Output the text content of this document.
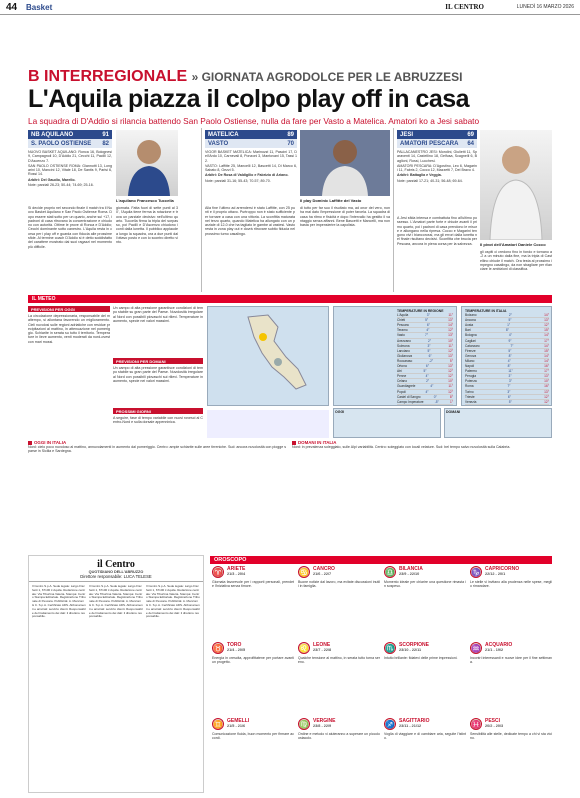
44 Basket	IL CENTRO	LUNEDÌ 16 MARZO 2026
B INTERREGIONALE » GIORNATA AGRODOLCE PER LE ABRUZZESI
L'Aquila piazza il colpo play off in casa
La squadra di D'Addio si rilancia battendo San Paolo Ostiense, nulla da fare per Vasto a Matelica. Amatori ko a Jesi sabato
NB AQUILANO	91
S. PAOLO OSTIENSE 82

NUOVO BASKET AQUILANO: Ronca 16, Bolognesi 9, Campagnoli 10, D'Addio 21, Cecchi 11, Pacilli 12, D'Ascenzo 7.

SAN PAOLO OSTIENSE ROMA: Giannotti 13, Longarini 10, Mancini 12, Vitale 18, De Santis 9, Parisi 6, Rossi 14.

Arbitri: Del Gaudio, Marello.

Note: parziali 26-23; 50-44; 74-69; 25-16.

L'aquilano Francesco Tuccella
Si decide proprio nel secondo finale il match tra il Nuovo Basket Aquilano e San Paolo Ostiense Roma. Dopo essere stati sotto per un quarto, anche sul +17, i padroni di casa ritrovano la concentrazione e chiudono con autorità. Ottime le prove di Ronca e D'Addio; Cecchi dominante sotto canestro. L'Aquila resta in corsa per i play off e guarda con fiducia alle prossime sfide. Al termine coach D'Addio si è detto soddisfatto del carattere mostrato dai suoi ragazzi nel momento più difficile.
giornata. Fatta fuori di sette punti al 30', l'Aquila tiene ferma la rotazione e trova un parziale decisivo nell'ultimo quarto. Tuccella firma la tripla del sorpasso, poi Pacilli e D'Ascenzo chiudono i conti dalla lunetta. Il pubblico applaude a lungo la squadra, ora a due punti dall'ottavo posto e con lo scontro diretto vinto.
MATELICA	89
VASTO	70

VIGOR BASKET MATELICA: Marinozzi 11, Pascini 17, Dell'Ardo 10, Carnevali 8, Ponzoni 3, Mantovani 15, Tassi 12.

VASTO: Laffitte 25, Mancelli 12, Bascetti 14, Di Marco 6, Sabato 8, Gezzi 5.

Arbitri: De Rosa di Valdigilio e Fabrizio di Ariano.

Note: parziali 31-16; 55-43; 70-57; 89-70.

Il play Dominic Laffitte del Vasto
Alla fine l'ultimo ad arrendersi è stato Laffitte, con 25 punti e il proprio ottavo. Purtroppo non è stato sufficiente per tornare a casa con una vittoria. La sconfitta maturata nel terzo quarto, quando Matelica ha allungato con un parziale di 12-0 che ha tagliato le gambe ai vastesi. Vasto resta in zona play out e dovrà ritrovare subito fiducia nel prossimo turno casalingo.
di tutto per far suo il risultato ma, ad onor del vero, non ha mai dato l'impressione di poter farcela. La squadra di casa ha ritmo e fisicità e dopo l'intervallo ha gestito il vantaggio senza affanni. Bene Bascetti e Mancelli, ma non basta per impensierire la capolista.
JESI	69
AMATORI PESCARA 64

PALLACANESTRO JESI: Mondini, Giulietti 11, Sparaventi 14, Castellino 18, Gelfusa, Scagnelli 6, Baglioni, Rossi, Lucchesi.

AMATORI PESCARA: D'Agostino, Leo 6, Magarini 11, Fabris 2, Cocco 12, Mazzetti 7, Del Bravo 4.

Arbitri: Battaglia e Veggia.

Note: parziali 17-21; 40-31; 56-48; 69-64.

Il pivot dell'Amatori Daniele Cocco
A Jesi sfida intensa e combattuta fino all'ultimo possesso. L'Amatori parte forte e chiude avanti il primo quarto, poi i padroni di casa prendono le misure e allungano nella ripresa. Cocco e Magarini tengono vivi i biancorossi, ma gli errori dalla lunetta nel finale risultano decisivi. Sconfitta che brucia per Pescara, ancora in piena corsa per la salvezza.
gli ospiti ci credono fino in fondo e tornano a -2 a un minuto dalla fine, ma la tripla di Castellino chiude il match. Ora testa al prossimo impegno casalingo, da non sbagliare per rilanciare le ambizioni di classifica.
IL METEO
PREVISIONI PER OGGI
La circolazione depressionaria, responsabile del maltempo, si allontana favorendo un miglioramento. Cieli nuvolosi sulle regioni adriatiche con residue precipitazioni al mattino, in attenuazione nel pomeriggio. Schiarite in serata su tutto il territorio. Temperature in lieve aumento, venti moderati da nord-ovest con mari mossi.
Un campo di alta pressione garantisce condizioni di tempo stabile su gran parte del Paese. Nuvolosità irregolare al Nord con possibili piovaschi sui rilievi. Temperature in aumento, specie nei valori massimi.
PREVISIONI PER DOMANI
Un campo di alta pressione garantisce condizioni di tempo stabile su gran parte del Paese. Nuvolosità irregolare al Nord con possibili piovaschi sui rilievi. Temperature in aumento, specie nei valori massimi.
PROSSIMI GIORNI
A seguire, fase di tempo variabile con nuovi rovesci al Centro-Nord e sulla dorsale appenninica.
TEMPERATURE IN REGIONE
L'Aquila	3°	11°
Chieti	5°	13°
Pescara	6°	14°
Teramo	4°	12°
Vasto	7°	13°
Avezzano	2°	10°
Sulmona	3°	11°
Lanciano	5°	12°
Giulianova	6°	13°
Roccaraso	-2°	5°
Ortona	6°	13°
Atri	5°	12°
Penne	4°	12°
Celano	2°	10°
Guardiagrele	4°	11°
Popoli	4°	12°
Castel di Sangro	0°	8°
Campo Imperatore	-5°	1°
TEMPERATURE IN ITALIA
Bolzano	2°	14°
Ancona	5°	13°
Aosta	1°	12°
Bari	8°	15°
Bologna	4°	14°
Cagliari	9°	17°
Catanzaro	7°	14°
Firenze	5°	15°
Genova	8°	14°
Milano	4°	14°
Napoli	8°	16°
Palermo	11°	17°
Perugia	3°	13°
Potenza	3°	10°
Roma	7°	16°
Torino	3°	13°
Trieste	6°	12°
Venezia	5°	12°
OGGI	DOMANI
OGGI IN ITALIA
Nord: cielo poco nuvoloso al mattino, annuvolamenti in aumento dal pomeriggio. Centro: ampie schiarite sulle aree tirreniche. Sud: ancora nuvolosità con piogge sparse in Sicilia e Sardegna.
DOMANI IN ITALIA
Nord: in prevalenza soleggiato, sulle Alpi variabilità. Centro: soleggiato con locali velature. Sud: bel tempo salvo nuvolosità sulla Calabria.
il Centro
QUOTIDIANO DELL'ABRUZZO
Direttore responsabile: LUCA TELESE
Il Centro S.p.A. Sede legale: Largo Fischetti 1, 67100 L'Aquila. Redazione centrale: Via Tiburtina Valeria. Stampa: Centro Stampa Editoriale. Registrazione Tribunale di Pescara. Pubblicità: A. Manzoni & C. S.p.A. Certificato ADS. Abbonamenti e arretrati: servizio clienti. Responsabile del trattamento dei dati: il direttore responsabile.
Il Centro S.p.A. Sede legale: Largo Fischetti 1, 67100 L'Aquila. Redazione centrale: Via Tiburtina Valeria. Stampa: Centro Stampa Editoriale. Registrazione Tribunale di Pescara. Pubblicità: A. Manzoni & C. S.p.A. Certificato ADS. Abbonamenti e arretrati: servizio clienti. Responsabile del trattamento dei dati: il direttore responsabile.
Il Centro S.p.A. Sede legale: Largo Fischetti 1, 67100 L'Aquila. Redazione centrale: Via Tiburtina Valeria. Stampa: Centro Stampa Editoriale. Registrazione Tribunale di Pescara. Pubblicità: A. Manzoni & C. S.p.A. Certificato ADS. Abbonamenti e arretrati: servizio clienti. Responsabile del trattamento dei dati: il direttore responsabile.
OROSCOPO
♈ ARIETE
21/3 - 20/4
Giornata favorevole per i rapporti personali, prendete l'iniziativa senza timore.
♋ CANCRO
21/6 - 22/7
Buone notizie dal lavoro, ma evitate discussioni inutili in famiglia.
♎ BILANCIA
23/9 - 22/10
Momento ideale per chiarire una questione rimasta in sospeso.
♑ CAPRICORNO
22/12 - 20/1
Le stelle vi invitano alla prudenza nelle spese, meglio rimandare.
♉ TORO
21/4 - 20/5
Energia in crescita, approfittatene per portare avanti un progetto.
♌ LEONE
23/7 - 22/8
Qualche tensione al mattino, in serata tutto torna sereno.
♏ SCORPIONE
23/10 - 22/11
Intuito brillante: fidatevi delle prime impressioni.
♒ ACQUARIO
21/1 - 19/2
Incontri interessanti e nuove idee per il fine settimana.
♊ GEMELLI
21/5 - 21/6
Comunicazione fluida, buon momento per firmare accordi.
♍ VERGINE
23/8 - 22/9
Ordine e metodo vi aiuteranno a superare un piccolo ostacolo.
♐ SAGITTARIO
23/11 - 21/12
Voglia di viaggiare e di cambiare aria, seguite l'istinto.
♓ PESCI
20/2 - 20/3
Sensibilità alle stelle, dedicate tempo a chi vi sta vicino.
